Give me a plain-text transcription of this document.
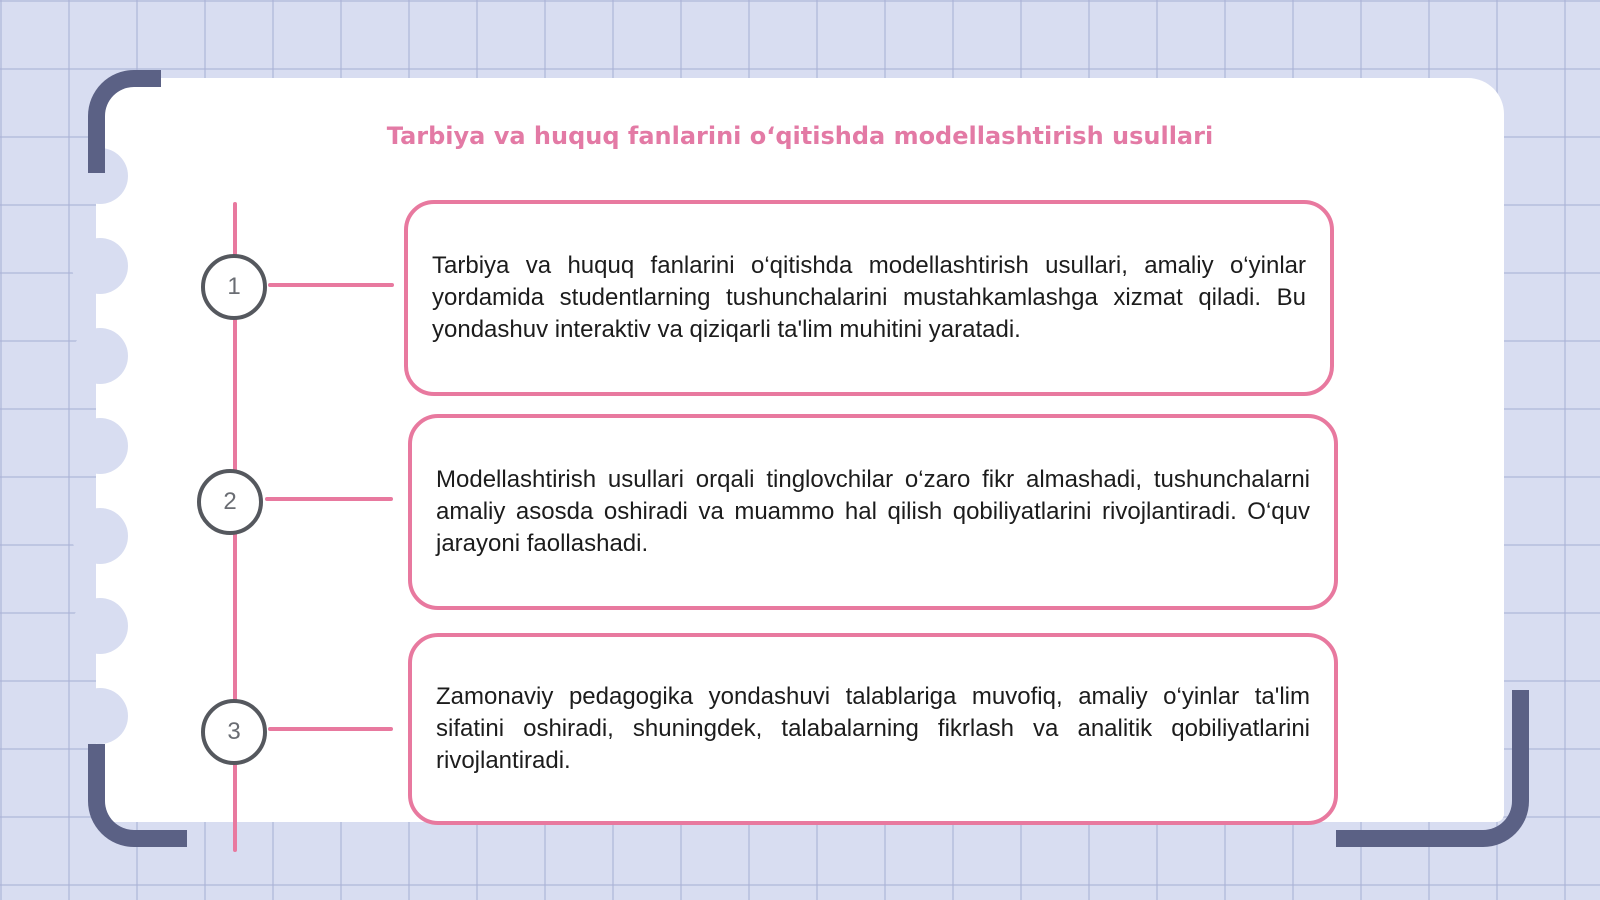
Tarbiya va huquq fanlarini oʻqitishda modellashtirish usullari
1

Tarbiya va huquq fanlarini o‘qitishda modellashtirish usullari, amaliy o‘yinlar yordamida studentlarning tushunchalarini mustahkamlashga xizmat qiladi. Bu yondashuv interaktiv va qiziqarli ta'lim muhitini yaratadi.

2

Modellashtirish usullari orqali tinglovchilar o‘zaro fikr almashadi, tushunchalarni amaliy asosda oshiradi va muammo hal qilish qobiliyatlarini rivojlantiradi. O‘quv jarayoni faollashadi.

3

Zamonaviy pedagogika yondashuvi talablariga muvofiq, amaliy o‘yinlar ta'lim sifatini oshiradi, shuningdek, talabalarning fikrlash va analitik qobiliyatlarini rivojlantiradi.
